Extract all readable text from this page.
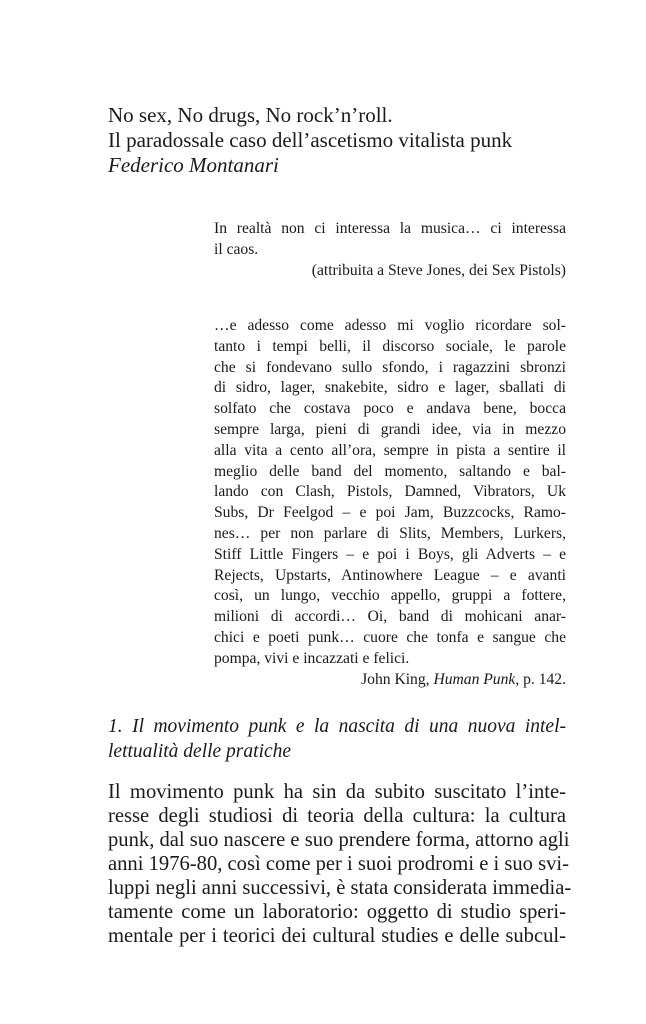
No sex, No drugs, No rock’n’roll.
Il paradossale caso dell’ascetismo vitalista punk
Federico Montanari
In realtà non ci interessa la musica… ci interessa
il caos.
(attribuita a Steve Jones, dei Sex Pistols)
…e adesso come adesso mi voglio ricordare sol-
tanto i tempi belli, il discorso sociale, le parole
che si fondevano sullo sfondo, i ragazzini sbronzi
di sidro, lager, snakebite, sidro e lager, sballati di
solfato che costava poco e andava bene, bocca
sempre larga, pieni di grandi idee, via in mezzo
alla vita a cento all’ora, sempre in pista a sentire il
meglio delle band del momento, saltando e bal-
lando con Clash, Pistols, Damned, Vibrators, Uk
Subs, Dr Feelgod – e poi Jam, Buzzcocks, Ramo-
nes… per non parlare di Slits, Members, Lurkers,
Stiff Little Fingers – e poi i Boys, gli Adverts – e
Rejects, Upstarts, Antinowhere League – e avanti
così, un lungo, vecchio appello, gruppi a fottere,
milioni di accordi… Oi, band di mohicani anar-
chici e poeti punk… cuore che tonfa e sangue che
pompa, vivi e incazzati e felici.
John King, Human Punk, p. 142.
1. Il movimento punk e la nascita di una nuova intel-
lettualità delle pratiche
Il movimento punk ha sin da subito suscitato l’inte-
resse degli studiosi di teoria della cultura: la cultura
punk, dal suo nascere e suo prendere forma, attorno agli
anni 1976-80, così come per i suoi prodromi e i suo svi-
luppi negli anni successivi, è stata considerata immedia-
tamente come un laboratorio: oggetto di studio speri-
mentale per i teorici dei cultural studies e delle subcul-
